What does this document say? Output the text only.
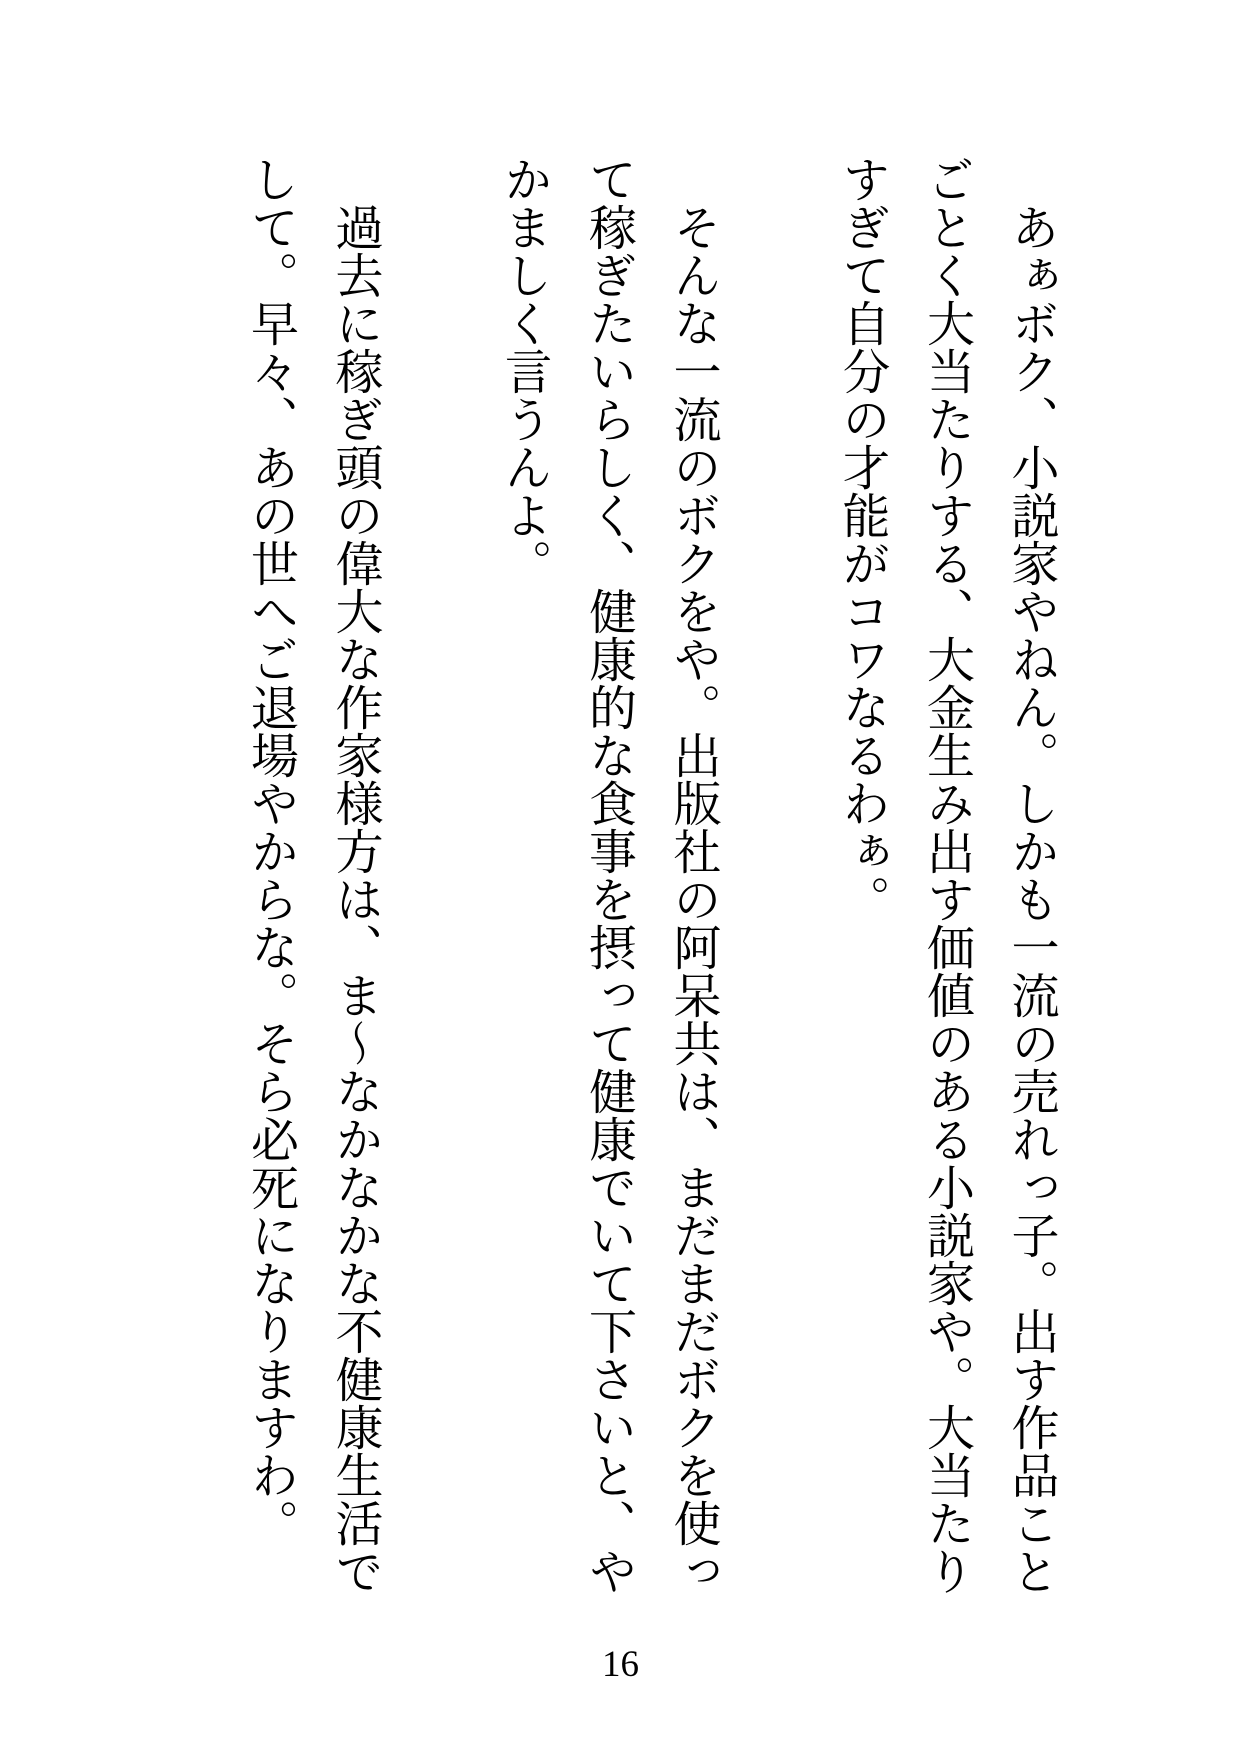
あぁボク、小説家やねん。しかも一流の売れっ子。出す作品こと
ごとく大当たりする、大金生み出す価値のある小説家や。大当たり
すぎて自分の才能がコワなるわぁ。
そんな一流のボクをや。出版社の阿呆共は、まだまだボクを使っ
て稼ぎたいらしく、健康的な食事を摂って健康でいて下さいと、や
かましく言うんよ。
過去に稼ぎ頭の偉大な作家様方は、ま〜なかなかな不健康生活で
して。早々、あの世へご退場やからな。そら必死になりますわ。
16
